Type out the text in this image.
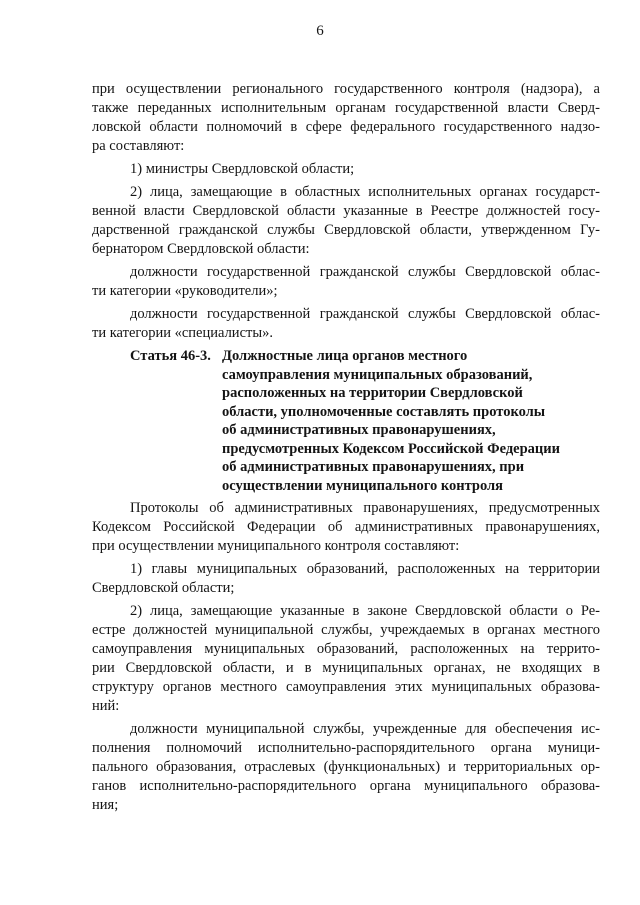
6
при осуществлении регионального государственного контроля (надзора), а
также переданных исполнительным органам государственной власти Сверд-
ловской области полномочий в сфере федерального государственного надзо-
ра составляют:
1) министры Свердловской области;
2) лица, замещающие в областных исполнительных органах государст-
венной власти Свердловской области указанные в Реестре должностей госу-
дарственной гражданской службы Свердловской области, утвержденном Гу-
бернатором Свердловской области:
должности государственной гражданской службы Свердловской облас-
ти категории «руководители»;
должности государственной гражданской службы Свердловской облас-
ти категории «специалисты».
Статья 46-3. Должностные лица органов местного
самоуправления муниципальных образований,
расположенных на территории Свердловской
области, уполномоченные составлять протоколы
об административных правонарушениях,
предусмотренных Кодексом Российской Федерации
об административных правонарушениях, при
осуществлении муниципального контроля
Протоколы об административных правонарушениях, предусмотренных
Кодексом Российской Федерации об административных правонарушениях,
при осуществлении муниципального контроля составляют:
1) главы муниципальных образований, расположенных на территории
Свердловской области;
2) лица, замещающие указанные в законе Свердловской области о Ре-
естре должностей муниципальной службы, учреждаемых в органах местного
самоуправления муниципальных образований, расположенных на террито-
рии Свердловской области, и в муниципальных органах, не входящих в
структуру органов местного самоуправления этих муниципальных образова-
ний:
должности муниципальной службы, учрежденные для обеспечения ис-
полнения полномочий исполнительно-распорядительного органа муници-
пального образования, отраслевых (функциональных) и территориальных ор-
ганов исполнительно-распорядительного органа муниципального образова-
ния;
